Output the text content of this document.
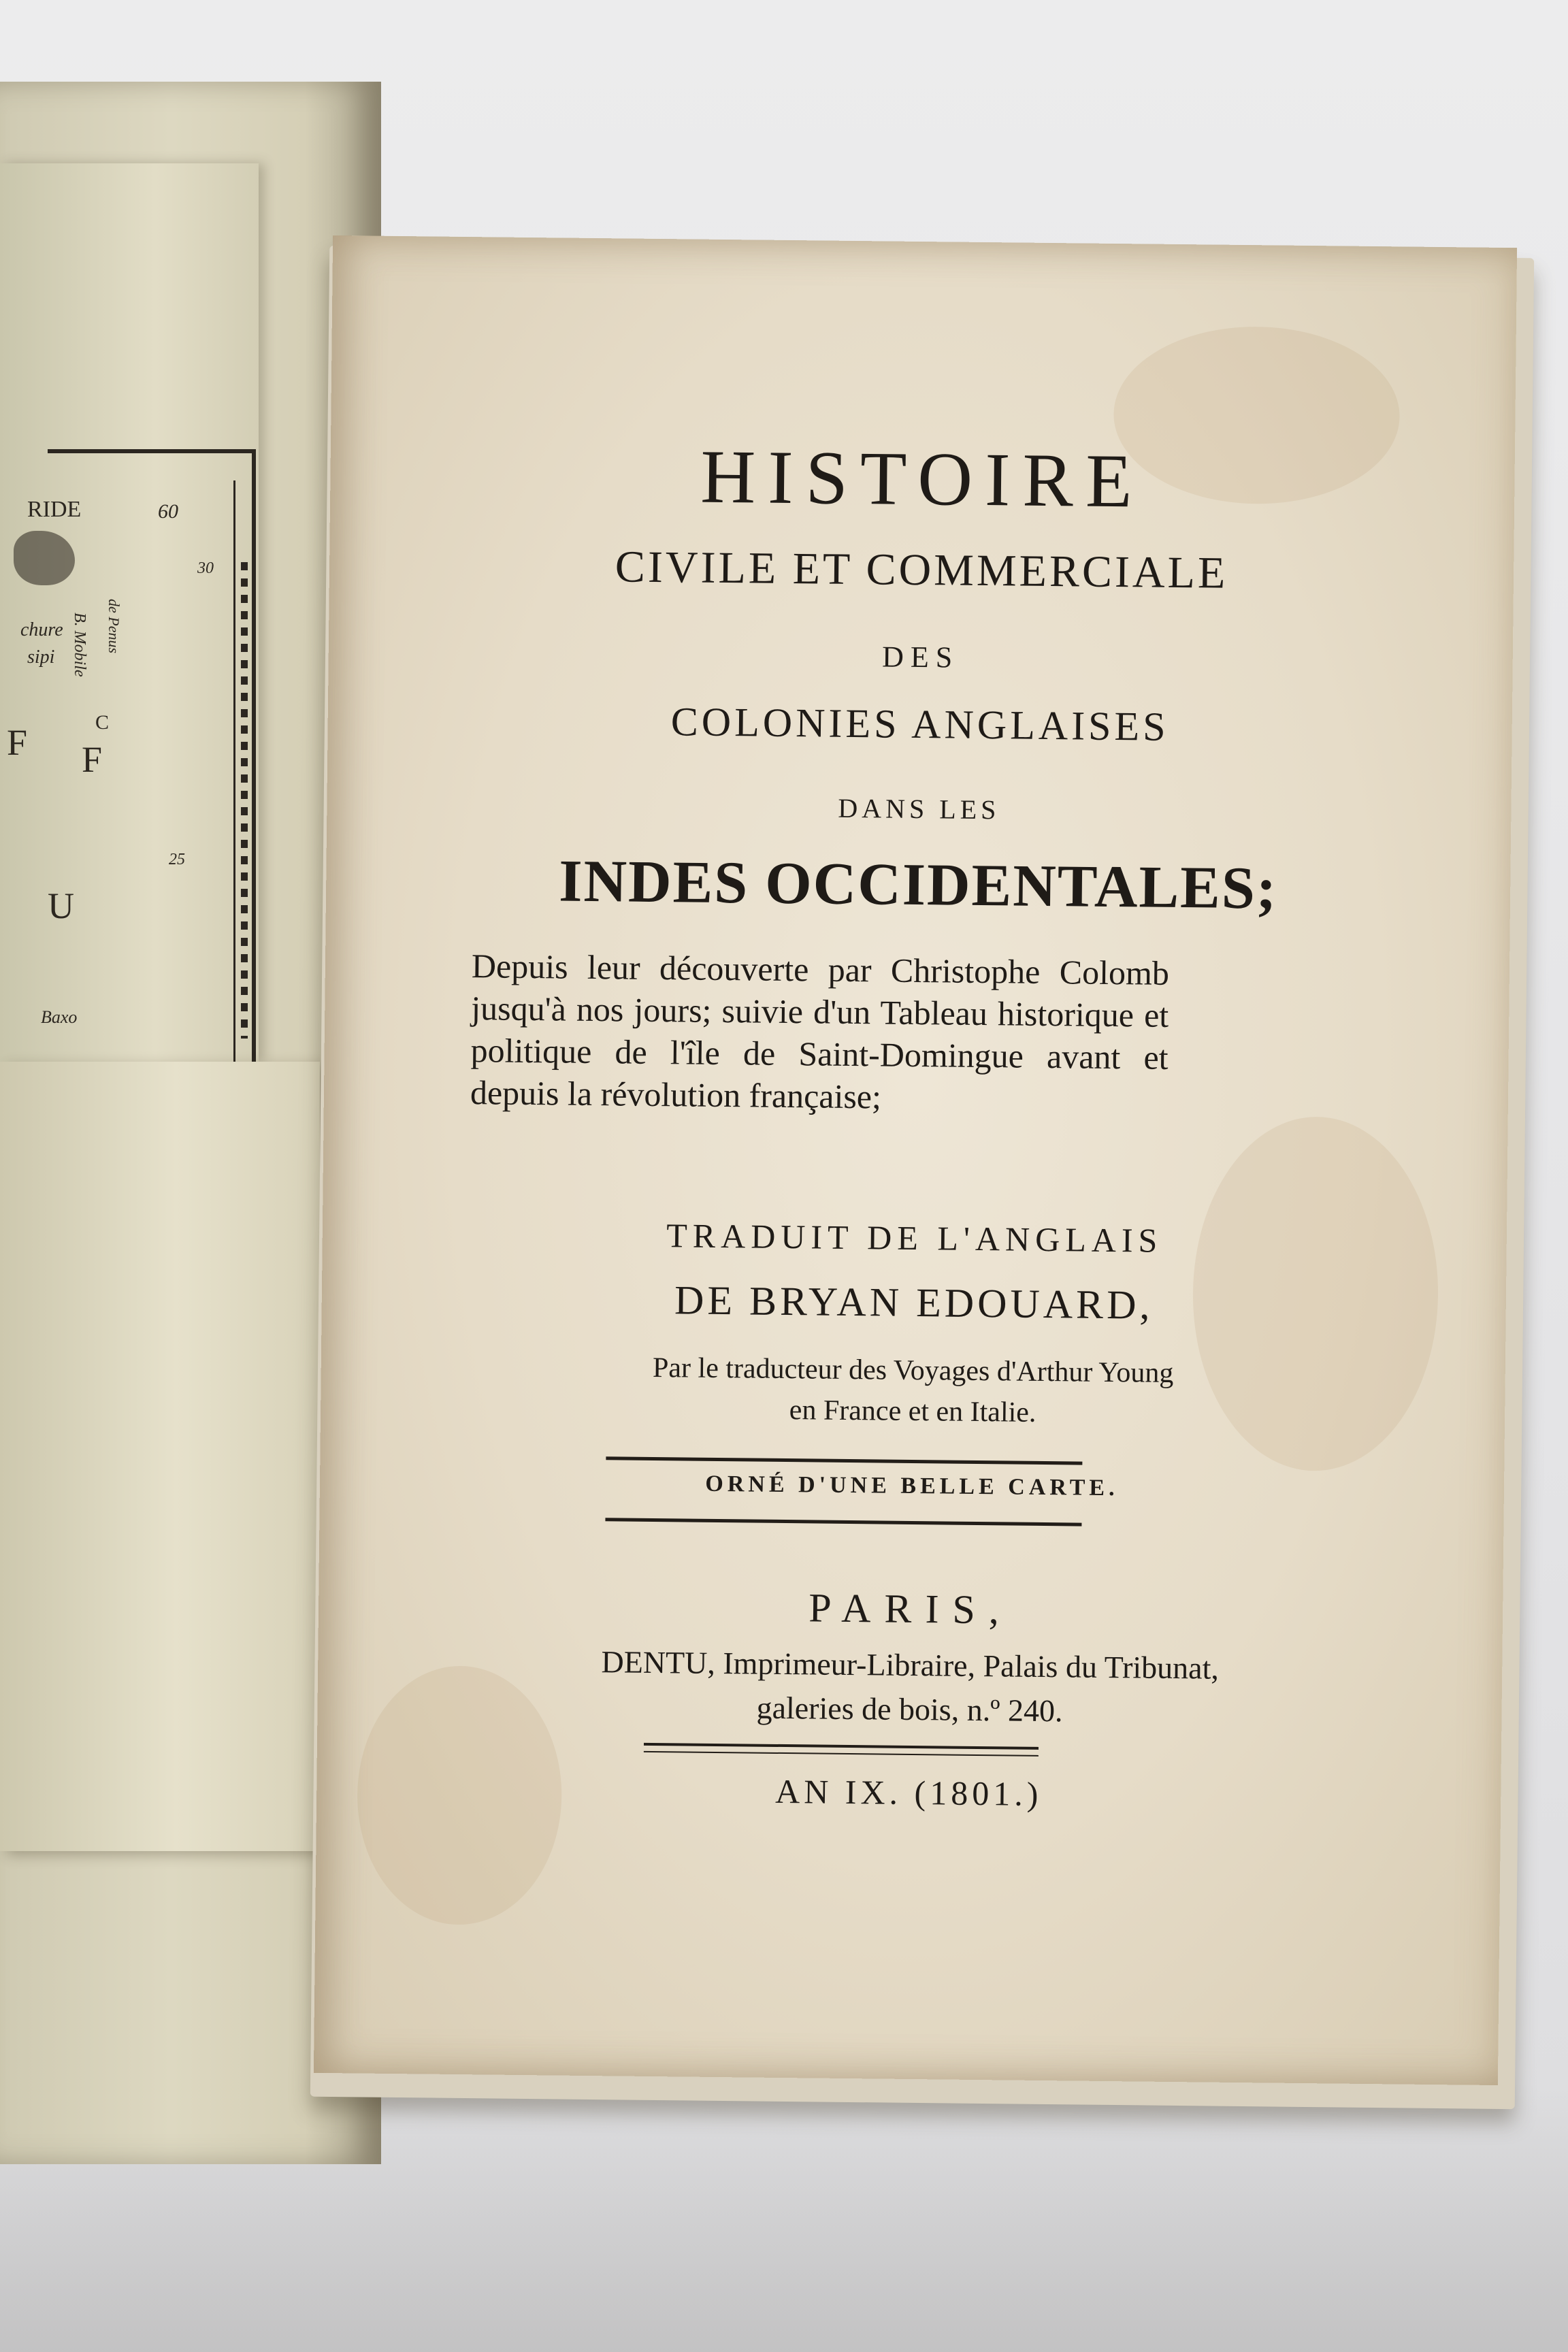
RIDE	60
30
25
F	C
F
U
Baxo
B. Mobile
chure
sipi
de Penus
HISTOIRE
CIVILE ET COMMERCIALE
DES
COLONIES ANGLAISES
DANS LES
INDES OCCIDENTALES;
Depuis leur découverte par Christophe Colomb jusqu'à nos jours; suivie d'un Tableau historique et politique de l'île de Saint-Domingue avant et depuis la révolution française;
TRADUIT DE L'ANGLAIS
DE BRYAN EDOUARD,
Par le traducteur des Voyages d'Arthur Young
en France et en Italie.
ORNÉ D'UNE BELLE CARTE.
PARIS,
DENTU, Imprimeur-Libraire, Palais du Tribunat,
galeries de bois, n.º 240.
AN IX. (1801.)
